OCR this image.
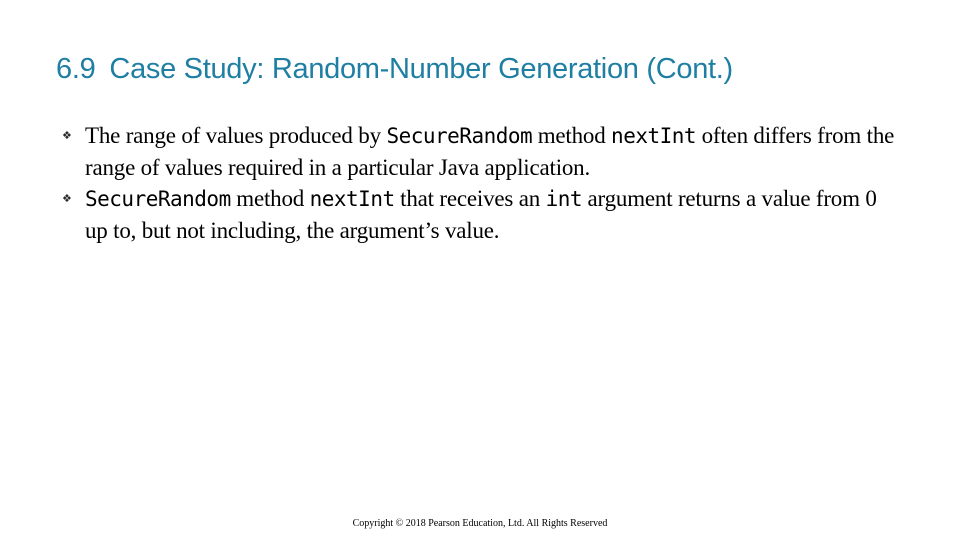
6.9 Case Study: Random-Number Generation (Cont.)
❖ The range of values produced by SecureRandom method nextInt often differs from the range of values required in a particular Java application.
❖ SecureRandom method nextInt that receives an int argument returns a value from 0 up to, but not including, the argument’s value.
Copyright © 2018 Pearson Education, Ltd. All Rights Reserved
